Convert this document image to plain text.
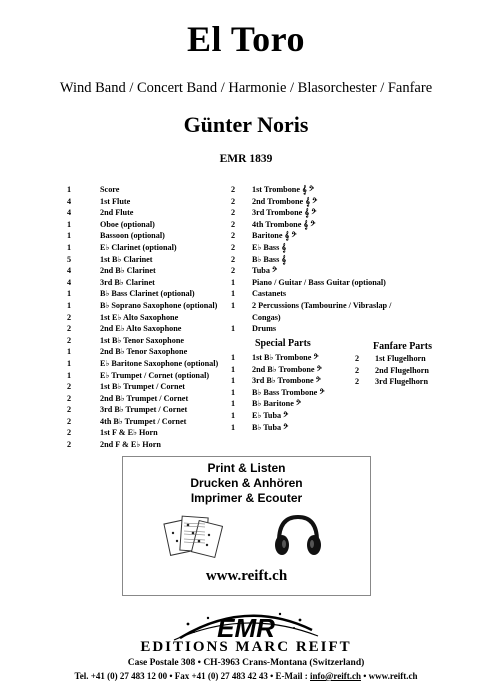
El Toro
Wind Band / Concert Band / Harmonie / Blasorchester / Fanfare
Günter Noris
EMR 1839
1	Score
4	1st Flute
4	2nd Flute
1	Oboe (optional)
1	Bassoon (optional)
1	E♭ Clarinet (optional)
5	1st B♭ Clarinet
4	2nd B♭ Clarinet
4	3rd B♭ Clarinet
1	B♭ Bass Clarinet (optional)
1	B♭ Soprano Saxophone (optional)
2	1st E♭ Alto Saxophone
2	2nd E♭ Alto Saxophone
2	1st B♭ Tenor Saxophone
1	2nd B♭ Tenor Saxophone
1	E♭ Baritone Saxophone (optional)
1	E♭ Trumpet / Cornet (optional)
2	1st B♭ Trumpet / Cornet
2	2nd B♭ Trumpet / Cornet
2	3rd B♭ Trumpet / Cornet
2	4th B♭ Trumpet / Cornet
2	1st F & E♭ Horn
2	2nd F & E♭ Horn
2	1st Trombone 𝄞 𝄢
2	2nd Trombone 𝄞 𝄢
2	3rd Trombone 𝄞 𝄢
2	4th Trombone 𝄞 𝄢
2	Baritone 𝄞 𝄢
2	E♭ Bass 𝄞
2	B♭ Bass 𝄞
2	Tuba 𝄢
1	Piano / Guitar / Bass Guitar (optional)
1	Castanets
1	2 Percussions (Tambourine / Vibraslap /
Congas)
1	Drums
Special Parts
1	1st B♭ Trombone 𝄢
1	2nd B♭ Trombone 𝄢
1	3rd B♭ Trombone 𝄢
1	B♭ Bass Trombone 𝄢
1	B♭ Baritone 𝄢
1	E♭ Tuba 𝄢
1	B♭ Tuba 𝄢
Fanfare Parts
2	1st Flugelhorn
2	2nd Flugelhorn
2	3rd Flugelhorn
Print & Listen
Drucken & Anhören
Imprimer & Ecouter
www.reift.ch
EMR
EDITIONS MARC REIFT
Case Postale 308 • CH-3963 Crans-Montana (Switzerland)
Tel. +41 (0) 27 483 12 00 • Fax +41 (0) 27 483 42 43 • E-Mail : info@reift.ch • www.reift.ch
